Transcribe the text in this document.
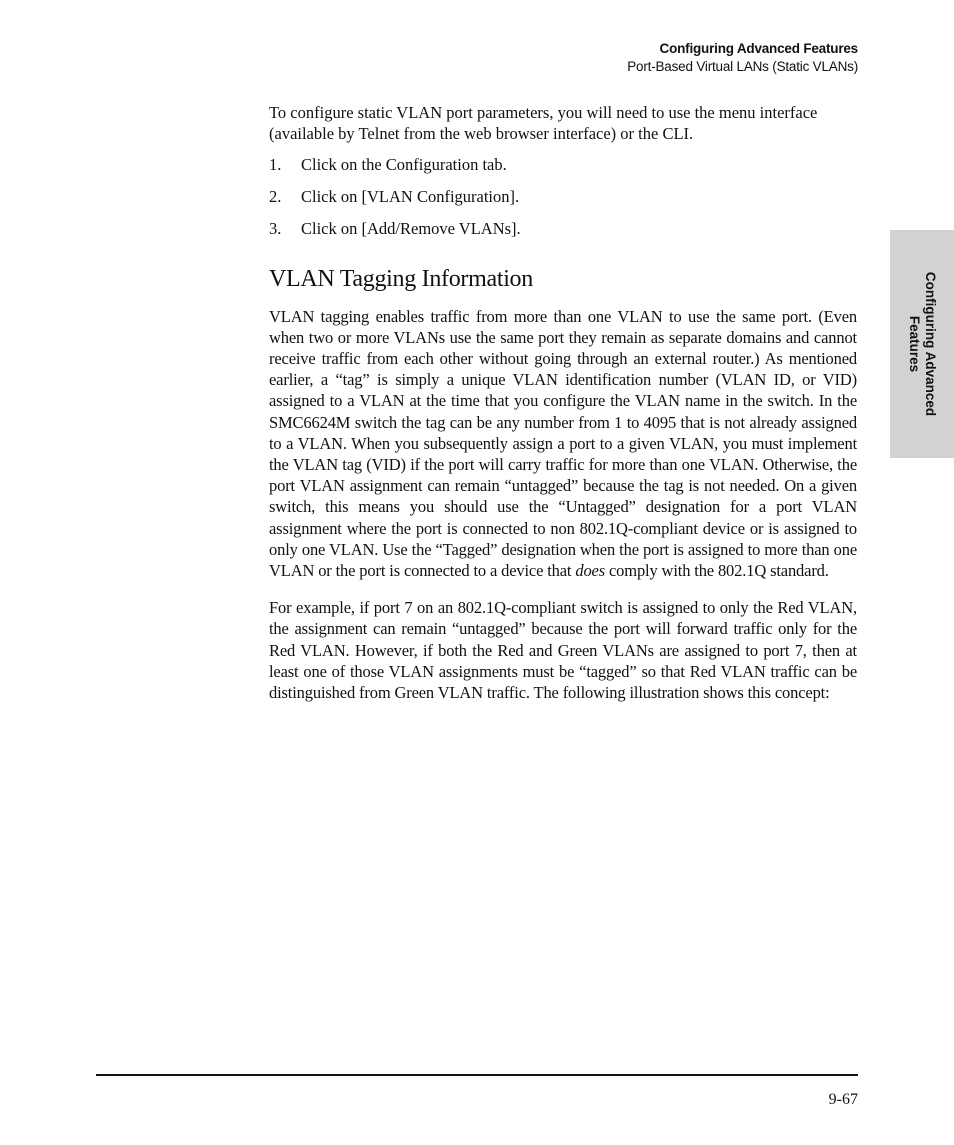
Configuring Advanced Features
Port-Based Virtual LANs (Static VLANs)
Configuring Advanced Features

To configure static VLAN port parameters, you will need to use the menu interface (available by Telnet from the web browser interface) or the CLI.

1.	Click on the Configuration tab.
2.	Click on [VLAN Configuration].
3.	Click on [Add/Remove VLANs].
VLAN Tagging Information

VLAN tagging enables traffic from more than one VLAN to use the same port. (Even when two or more VLANs use the same port they remain as separate domains and cannot receive traffic from each other without going through an external router.) As mentioned earlier, a “tag” is simply a unique VLAN identification number (VLAN ID, or VID) assigned to a VLAN at the time that you configure the VLAN name in the switch. In the SMC6624M switch the tag can be any number from 1 to 4095 that is not already assigned to a VLAN. When you subsequently assign a port to a given VLAN, you must implement the VLAN tag (VID) if the port will carry traffic for more than one VLAN. Otherwise, the port VLAN assignment can remain “untagged” because the tag is not needed. On a given switch, this means you should use the “Untagged” designation for a port VLAN assignment where the port is connected to non 802.1Q-compliant device or is assigned to only one VLAN. Use the “Tagged” designation when the port is assigned to more than one VLAN or the port is connected to a device that does comply with the 802.1Q standard.

For example, if port 7 on an 802.1Q-compliant switch is assigned to only the Red VLAN, the assignment can remain “untagged” because the port will forward traffic only for the Red VLAN. However, if both the Red and Green VLANs are assigned to port 7, then at least one of those VLAN assignments must be “tagged” so that Red VLAN traffic can be distinguished from Green VLAN traffic. The following illustration shows this concept:

9-67
